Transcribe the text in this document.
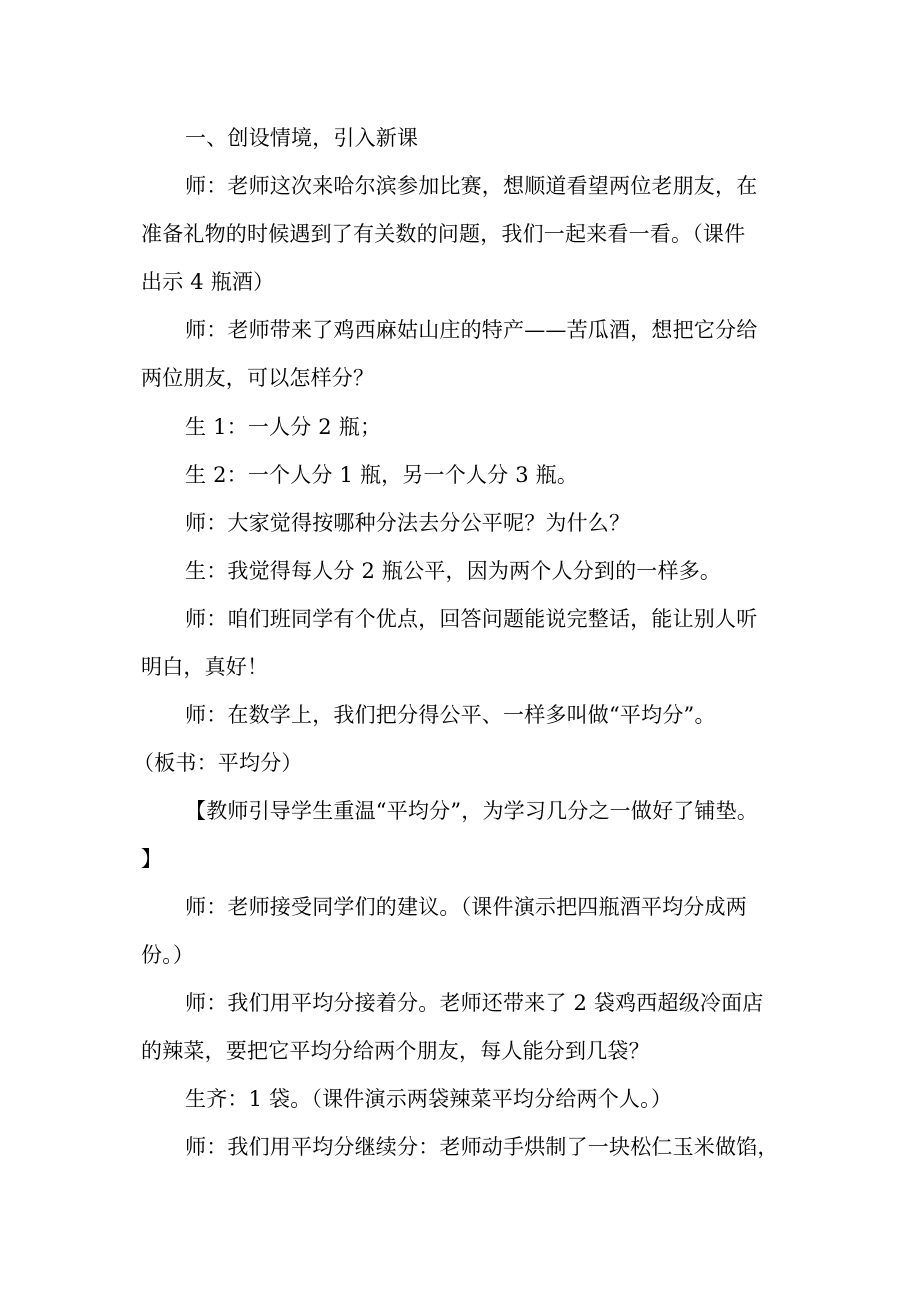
一、创设情境，引入新课
师：老师这次来哈尔滨参加比赛，想顺道看望两位老朋友，在
准备礼物的时候遇到了有关数的问题，我们一起来看一看。（课件
出示 4 瓶酒）
师：老师带来了鸡西麻姑山庄的特产——苦瓜酒，想把它分给
两位朋友，可以怎样分？
生 1：一人分 2 瓶；
生 2：一个人分 1 瓶，另一个人分 3 瓶。
师：大家觉得按哪种分法去分公平呢？为什么？
生：我觉得每人分 2 瓶公平，因为两个人分到的一样多。
师：咱们班同学有个优点，回答问题能说完整话，能让别人听
明白，真好！
师：在数学上，我们把分得公平、一样多叫做“平均分”。
（板书：平均分）
【教师引导学生重温“平均分”，为学习几分之一做好了铺垫。
】
师：老师接受同学们的建议。（课件演示把四瓶酒平均分成两
份。）
师：我们用平均分接着分。老师还带来了 2 袋鸡西超级冷面店
的辣菜，要把它平均分给两个朋友，每人能分到几袋？
生齐：1 袋。（课件演示两袋辣菜平均分给两个人。）
师：我们用平均分继续分：老师动手烘制了一块松仁玉米做馅，
